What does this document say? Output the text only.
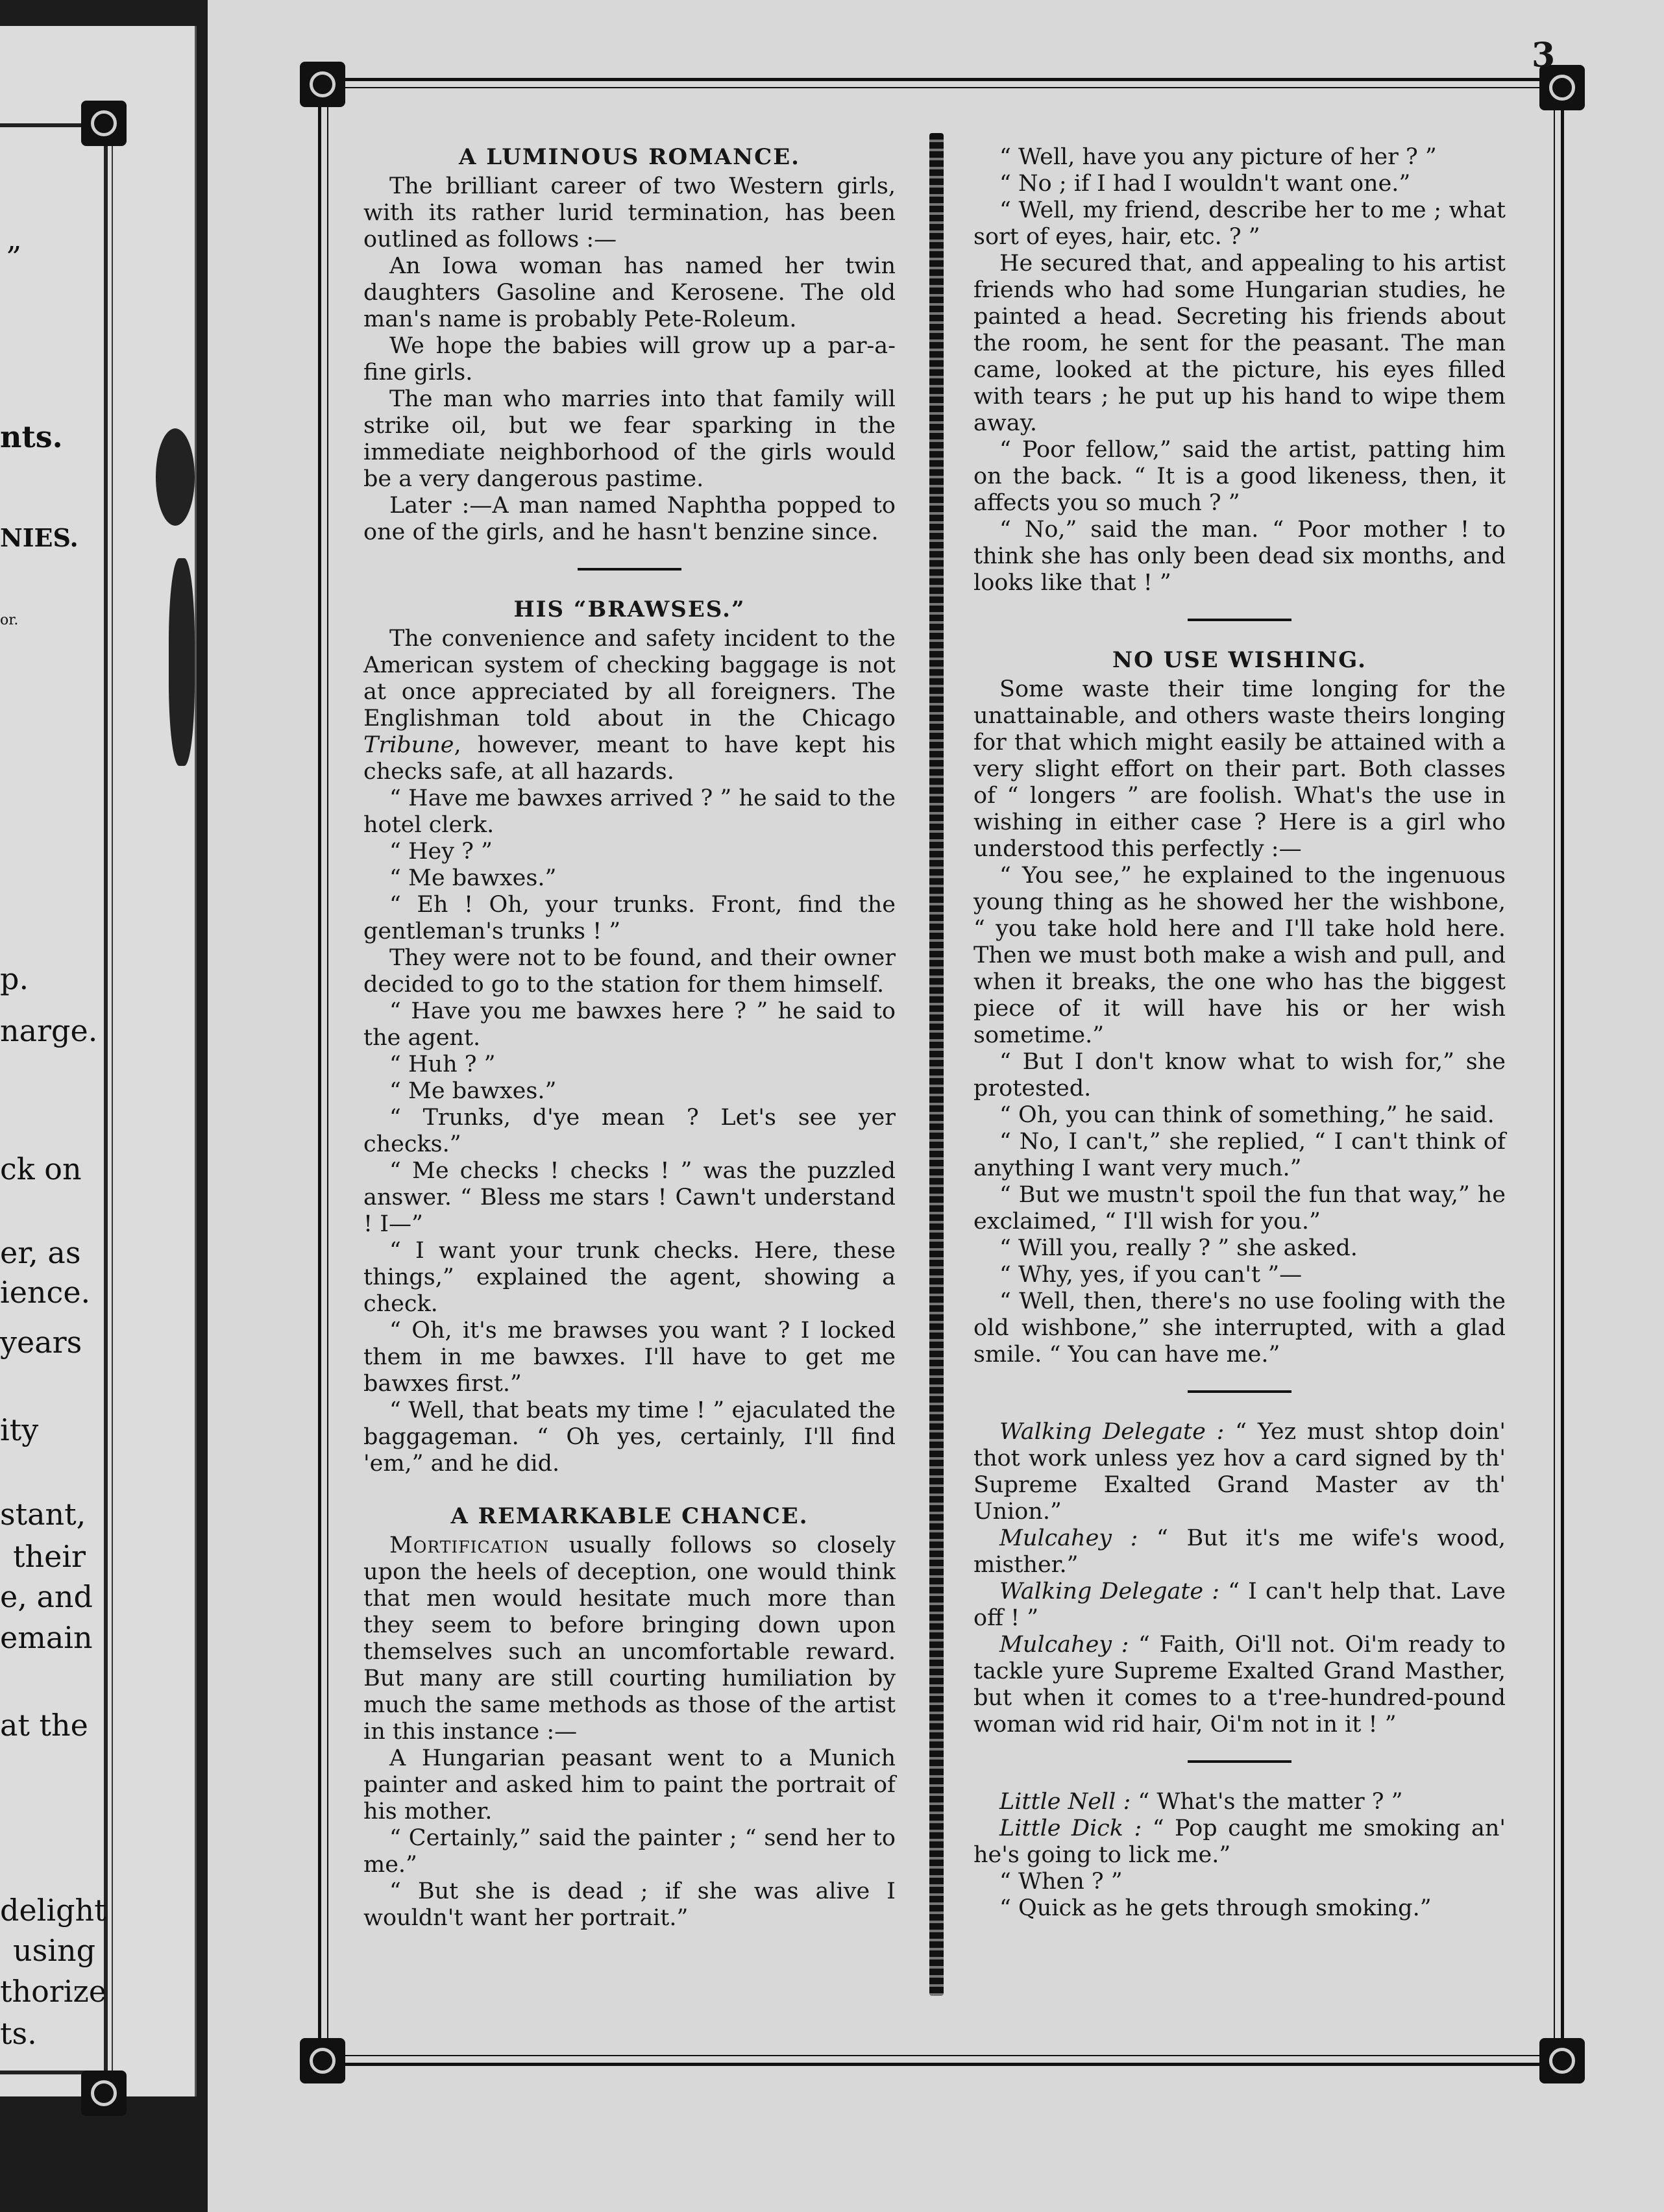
„
nts.
NIES.
or.
p.
narge.
ck on
er, as
ience.
years
ity
stant,
their
e, and
emain
at the
delight
using
thorize
ts.
3
A LUMINOUS ROMANCE.

The brilliant career of two Western girls, with its rather lurid termination, has been outlined as follows :—

An Iowa woman has named her twin daughters Gasoline and Kerosene. The old man's name is probably Pete-Roleum.

We hope the babies will grow up a par-a-fine girls.

The man who marries into that family will strike oil, but we fear sparking in the immediate neighborhood of the girls would be a very dangerous pastime.

Later :—A man named Naphtha popped to one of the girls, and he hasn't benzine since.

HIS “BRAWSES.”

The convenience and safety incident to the American system of checking baggage is not at once appreciated by all foreigners. The Englishman told about in the Chicago Tribune, however, meant to have kept his checks safe, at all hazards.

“ Have me bawxes arrived ? ” he said to the hotel clerk.

“ Hey ? ”

“ Me bawxes.”

“ Eh ! Oh, your trunks. Front, find the gentleman's trunks ! ”

They were not to be found, and their owner decided to go to the station for them himself.

“ Have you me bawxes here ? ” he said to the agent.

“ Huh ? ”

“ Me bawxes.”

“ Trunks, d'ye mean ? Let's see yer checks.”

“ Me checks ! checks ! ” was the puzzled answer. “ Bless me stars ! Cawn't understand ! I—”

“ I want your trunk checks. Here, these things,” explained the agent, showing a check.

“ Oh, it's me brawses you want ? I locked them in me bawxes. I'll have to get me bawxes first.”

“ Well, that beats my time ! ” ejaculated the baggageman. “ Oh yes, certainly, I'll find 'em,” and he did.

A REMARKABLE CHANCE.

Mortification usually follows so closely upon the heels of deception, one would think that men would hesitate much more than they seem to before bringing down upon themselves such an uncomfortable reward. But many are still courting humiliation by much the same methods as those of the artist in this instance :—

A Hungarian peasant went to a Munich painter and asked him to paint the portrait of his mother.

“ Certainly,” said the painter ; “ send her to me.”

“ But she is dead ; if she was alive I wouldn't want her portrait.”

“ Well, have you any picture of her ? ”

“ No ; if I had I wouldn't want one.”

“ Well, my friend, describe her to me ; what sort of eyes, hair, etc. ? ”

He secured that, and appealing to his artist friends who had some Hungarian studies, he painted a head. Secreting his friends about the room, he sent for the peasant. The man came, looked at the picture, his eyes filled with tears ; he put up his hand to wipe them away.

“ Poor fellow,” said the artist, patting him on the back. “ It is a good likeness, then, it affects you so much ? ”

“ No,” said the man. “ Poor mother ! to think she has only been dead six months, and looks like that ! ”

NO USE WISHING.

Some waste their time longing for the unattainable, and others waste theirs longing for that which might easily be attained with a very slight effort on their part. Both classes of “ longers ” are foolish. What's the use in wishing in either case ? Here is a girl who understood this perfectly :—

“ You see,” he explained to the ingenuous young thing as he showed her the wishbone, “ you take hold here and I'll take hold here. Then we must both make a wish and pull, and when it breaks, the one who has the biggest piece of it will have his or her wish sometime.”

“ But I don't know what to wish for,” she protested.

“ Oh, you can think of something,” he said.

“ No, I can't,” she replied, “ I can't think of anything I want very much.”

“ But we mustn't spoil the fun that way,” he exclaimed, “ I'll wish for you.”

“ Will you, really ? ” she asked.

“ Why, yes, if you can't ”—

“ Well, then, there's no use fooling with the old wishbone,” she interrupted, with a glad smile. “ You can have me.”

Walking Delegate : “ Yez must shtop doin' thot work unless yez hov a card signed by th' Supreme Exalted Grand Master av th' Union.”

Mulcahey : “ But it's me wife's wood, misther.”

Walking Delegate : “ I can't help that. Lave off ! ”

Mulcahey : “ Faith, Oi'll not. Oi'm ready to tackle yure Supreme Exalted Grand Masther, but when it comes to a t'ree-hundred-pound woman wid rid hair, Oi'm not in it ! ”

Little Nell : “ What's the matter ? ”

Little Dick : “ Pop caught me smoking an' he's going to lick me.”

“ When ? ”

“ Quick as he gets through smoking.”
